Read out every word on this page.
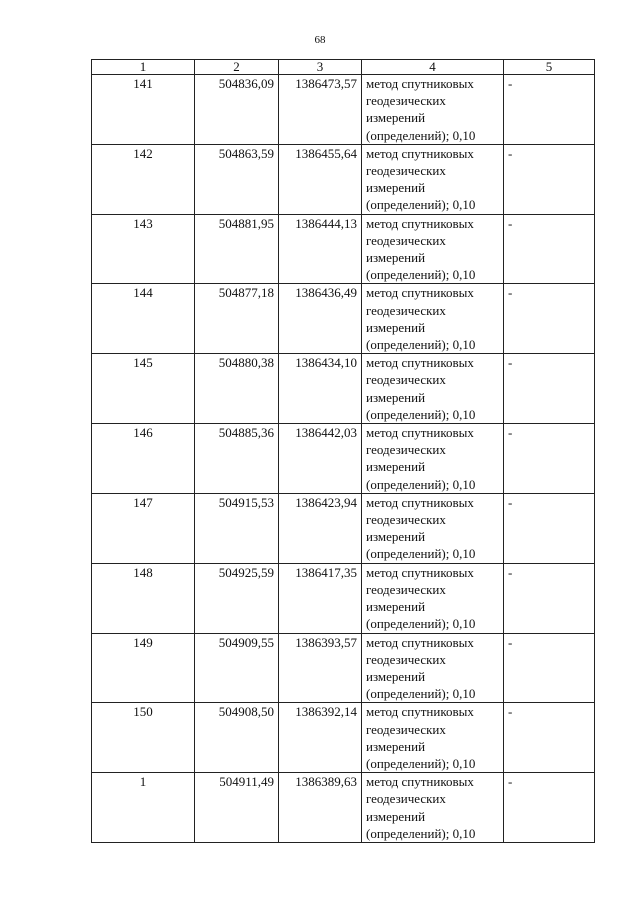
68
1	2	3	4	5
141	504836,09	1386473,57	метод спутниковых
геодезических
измерений
(определений); 0,10	-
142	504863,59	1386455,64	метод спутниковых
геодезических
измерений
(определений); 0,10	-
143	504881,95	1386444,13	метод спутниковых
геодезических
измерений
(определений); 0,10	-
144	504877,18	1386436,49	метод спутниковых
геодезических
измерений
(определений); 0,10	-
145	504880,38	1386434,10	метод спутниковых
геодезических
измерений
(определений); 0,10	-
146	504885,36	1386442,03	метод спутниковых
геодезических
измерений
(определений); 0,10	-
147	504915,53	1386423,94	метод спутниковых
геодезических
измерений
(определений); 0,10	-
148	504925,59	1386417,35	метод спутниковых
геодезических
измерений
(определений); 0,10	-
149	504909,55	1386393,57	метод спутниковых
геодезических
измерений
(определений); 0,10	-
150	504908,50	1386392,14	метод спутниковых
геодезических
измерений
(определений); 0,10	-
1	504911,49	1386389,63	метод спутниковых
геодезических
измерений
(определений); 0,10	-
